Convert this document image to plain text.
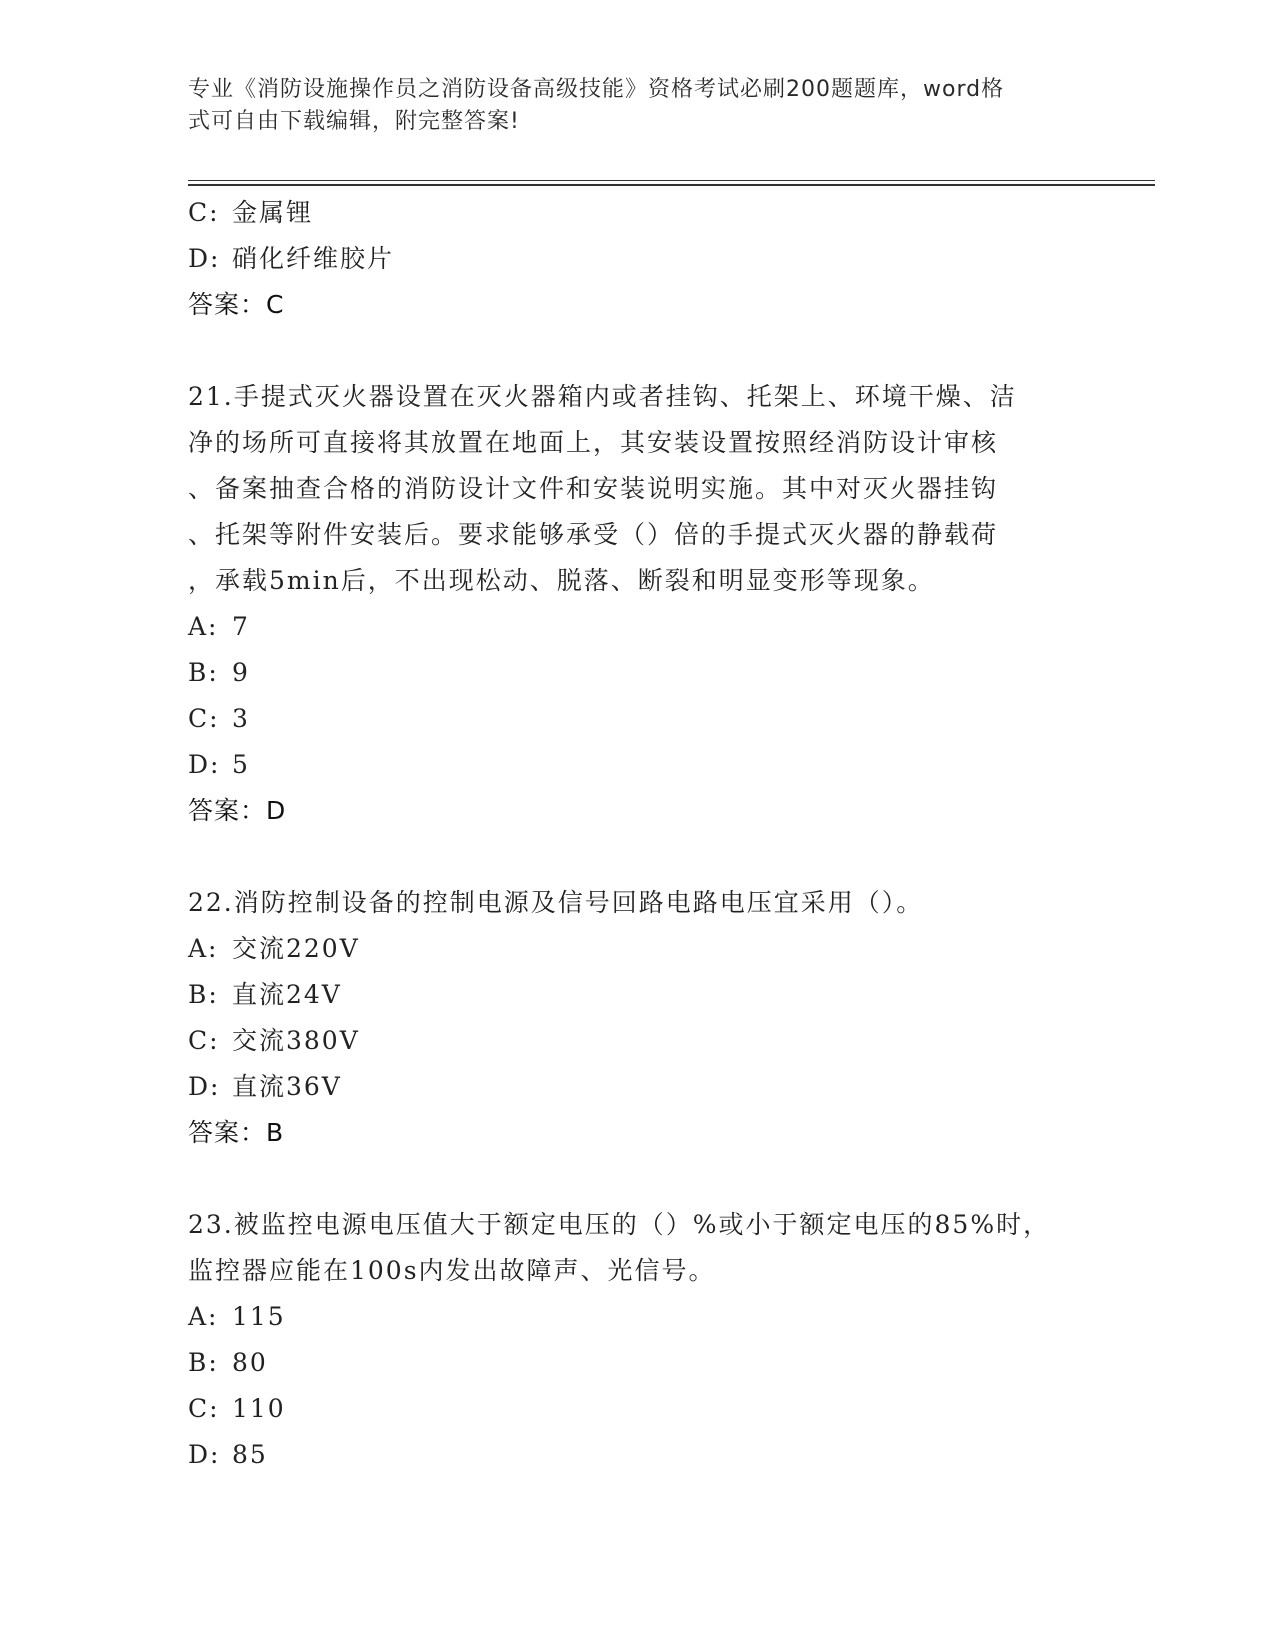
专业《消防设施操作员之消防设备高级技能》资格考试必刷200题题库，word格
式可自由下载编辑，附完整答案!
C: 金属锂
D: 硝化纤维胶片
答案：C
21.手提式灭火器设置在灭火器箱内或者挂钩、托架上、环境干燥、洁
净的场所可直接将其放置在地面上，其安装设置按照经消防设计审核
、备案抽查合格的消防设计文件和安装说明实施。其中对灭火器挂钩
、托架等附件安装后。要求能够承受（）倍的手提式灭火器的静载荷
，承载5min后，不出现松动、脱落、断裂和明显变形等现象。
A: 7
B: 9
C: 3
D: 5
答案：D
22.消防控制设备的控制电源及信号回路电路电压宜采用（）。
A: 交流220V
B: 直流24V
C: 交流380V
D: 直流36V
答案：B
23.被监控电源电压值大于额定电压的（）%或小于额定电压的85%时，
监控器应能在100s内发出故障声、光信号。
A: 115
B: 80
C: 110
D: 85
